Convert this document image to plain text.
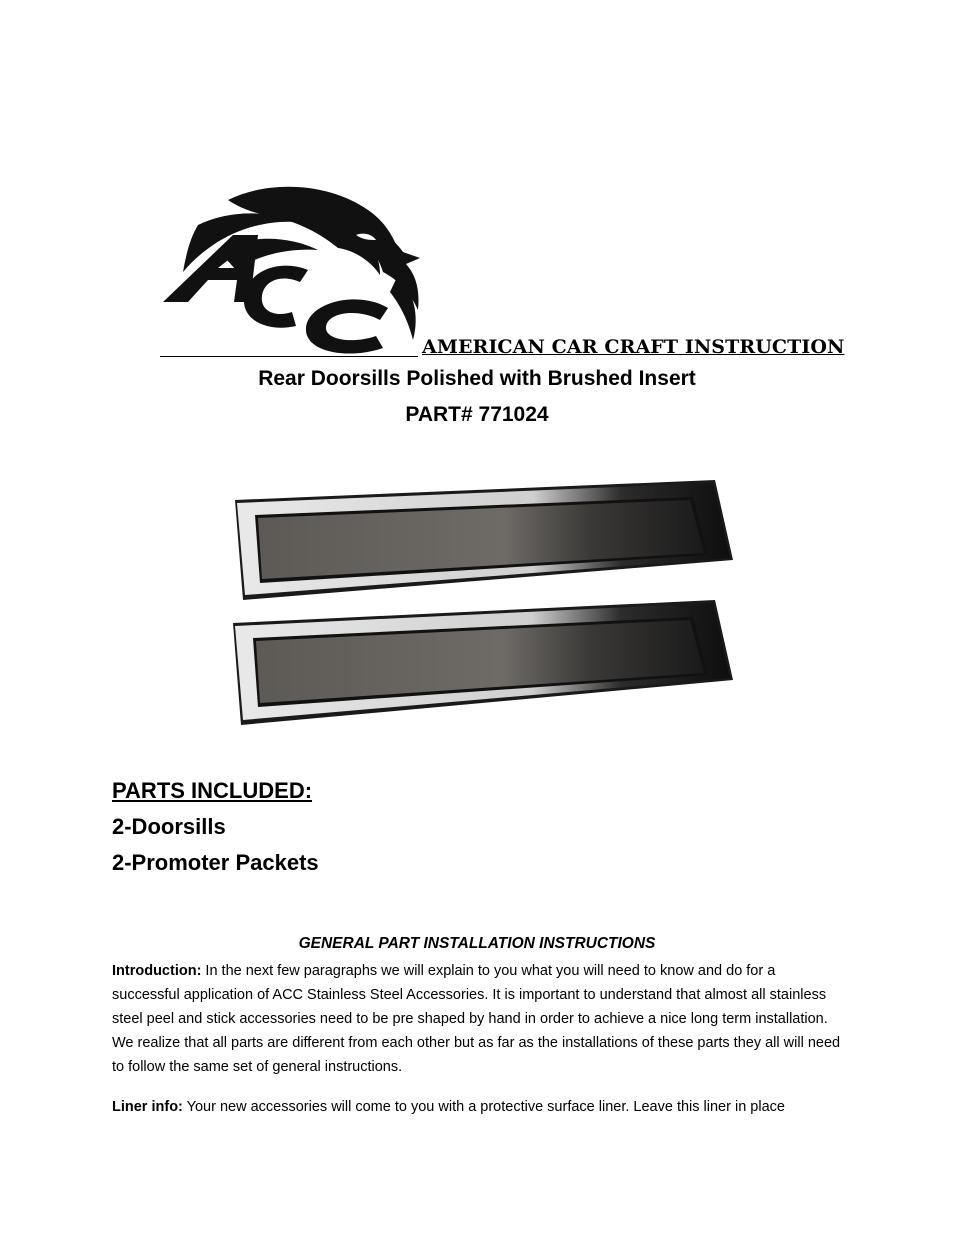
AMERICAN CAR CRAFT INSTRUCTION
Rear Doorsills Polished with Brushed Insert
PART# 771024
PARTS INCLUDED:
2-Doorsills
2-Promoter Packets
GENERAL PART INSTALLATION INSTRUCTIONS

Introduction: In the next few paragraphs we will explain to you what you will need to know and do for a successful application of ACC Stainless Steel Accessories. It is important to understand that almost all stainless steel peel and stick accessories need to be pre shaped by hand in order to achieve a nice long term installation. We realize that all parts are different from each other but as far as the installations of these parts they all will need to follow the same set of general instructions.

Liner info: Your new accessories will come to you with a protective surface liner. Leave this liner in place
